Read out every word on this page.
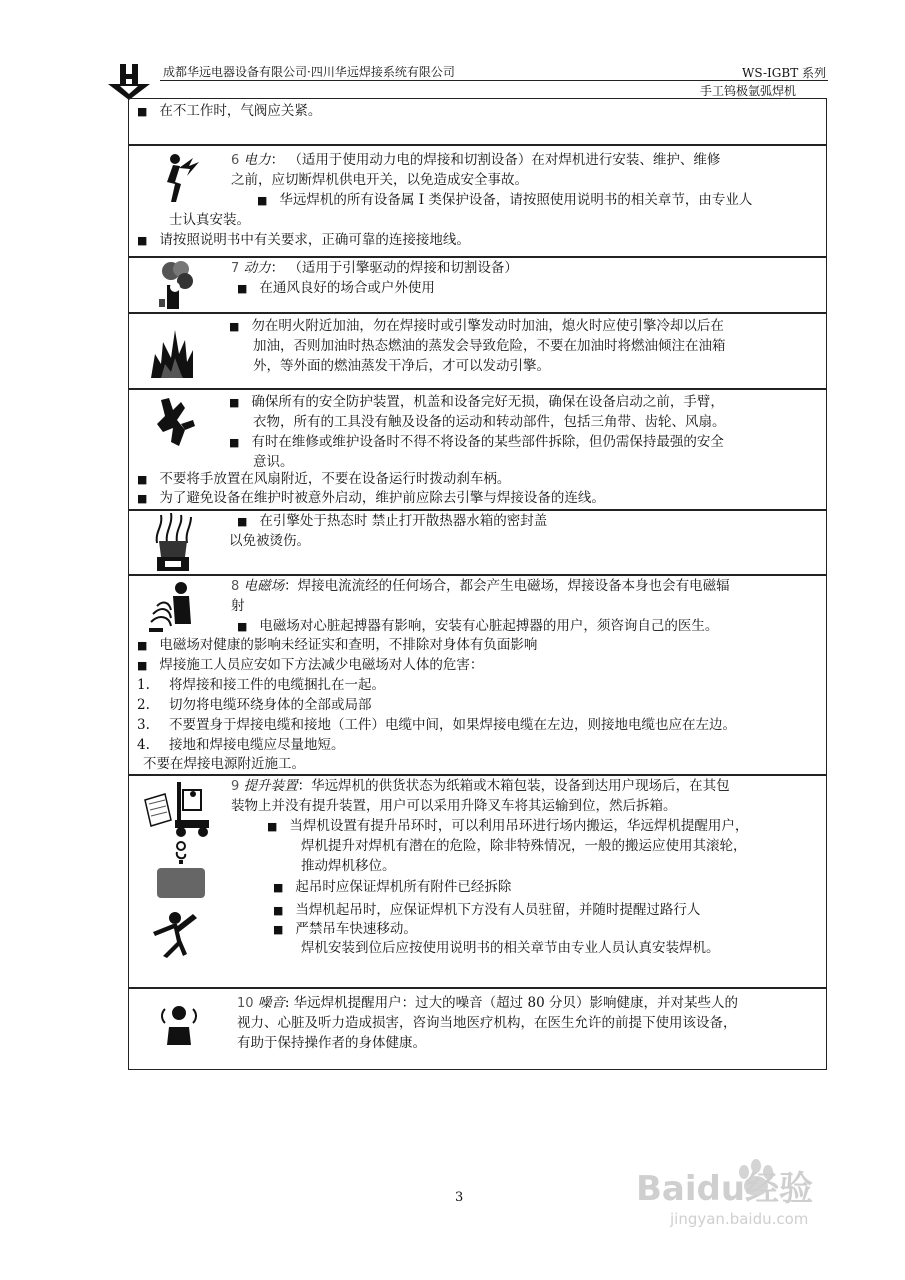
成都华远电器设备有限公司·四川华远焊接系统有限公司	WS-IGBT 系列
手工钨极氩弧焊机
■ 在不工作时，气阀应关紧。
6 电力： （适用于使用动力电的焊接和切割设备）在对焊机进行安装、维护、维修
之前，应切断焊机供电开关，以免造成安全事故。
■ 华远焊机的所有设备属 I 类保护设备，请按照使用说明书的相关章节，由专业人
士认真安装。
■ 请按照说明书中有关要求，正确可靠的连接接地线。
7 动力： （适用于引擎驱动的焊接和切割设备）
■ 在通风良好的场合或户外使用
■ 勿在明火附近加油，勿在焊接时或引擎发动时加油，熄火时应使引擎冷却以后在
加油，否则加油时热态燃油的蒸发会导致危险，不要在加油时将燃油倾注在油箱
外，等外面的燃油蒸发干净后，才可以发动引擎。
■ 确保所有的安全防护装置，机盖和设备完好无损，确保在设备启动之前，手臂，
衣物，所有的工具没有触及设备的运动和转动部件，包括三角带、齿轮、风扇。
■ 有时在维修或维护设备时不得不将设备的某些部件拆除，但仍需保持最强的安全
意识。
■ 不要将手放置在风扇附近，不要在设备运行时拨动刹车柄。
■ 为了避免设备在维护时被意外启动，维护前应除去引擎与焊接设备的连线。
■ 在引擎处于热态时 禁止打开散热器水箱的密封盖
以免被烫伤。
8 电磁场：焊接电流流经的任何场合，都会产生电磁场，焊接设备本身也会有电磁辐
射
■ 电磁场对心脏起搏器有影响，安装有心脏起搏器的用户，须咨询自己的医生。
■ 电磁场对健康的影响未经证实和查明，不排除对身体有负面影响
■ 焊接施工人员应安如下方法减少电磁场对人体的危害：
1. 将焊接和接工件的电缆捆扎在一起。
2. 切勿将电缆环绕身体的全部或局部
3. 不要置身于焊接电缆和接地（工件）电缆中间，如果焊接电缆在左边，则接地电缆也应在左边。
4. 接地和焊接电缆应尽量地短。
不要在焊接电源附近施工。
9 提升装置：华远焊机的供货状态为纸箱或木箱包装，设备到达用户现场后，在其包
装物上并没有提升装置，用户可以采用升降叉车将其运输到位，然后拆箱。
■ 当焊机设置有提升吊环时，可以利用吊环进行场内搬运，华远焊机提醒用户，
焊机提升对焊机有潜在的危险，除非特殊情况，一般的搬运应使用其滚轮，
推动焊机移位。
■ 起吊时应保证焊机所有附件已经拆除
■ 当焊机起吊时，应保证焊机下方没有人员驻留，并随时提醒过路行人
■ 严禁吊车快速移动。
焊机安装到位后应按使用说明书的相关章节由专业人员认真安装焊机。
10 噪音: 华远焊机提醒用户：过大的噪音（超过 80 分贝）影响健康，并对某些人的
视力、心脏及听力造成损害，咨询当地医疗机构，在医生允许的前提下使用该设备，
有助于保持操作者的身体健康。
3	Baidu经验
jingyan.baidu.com
